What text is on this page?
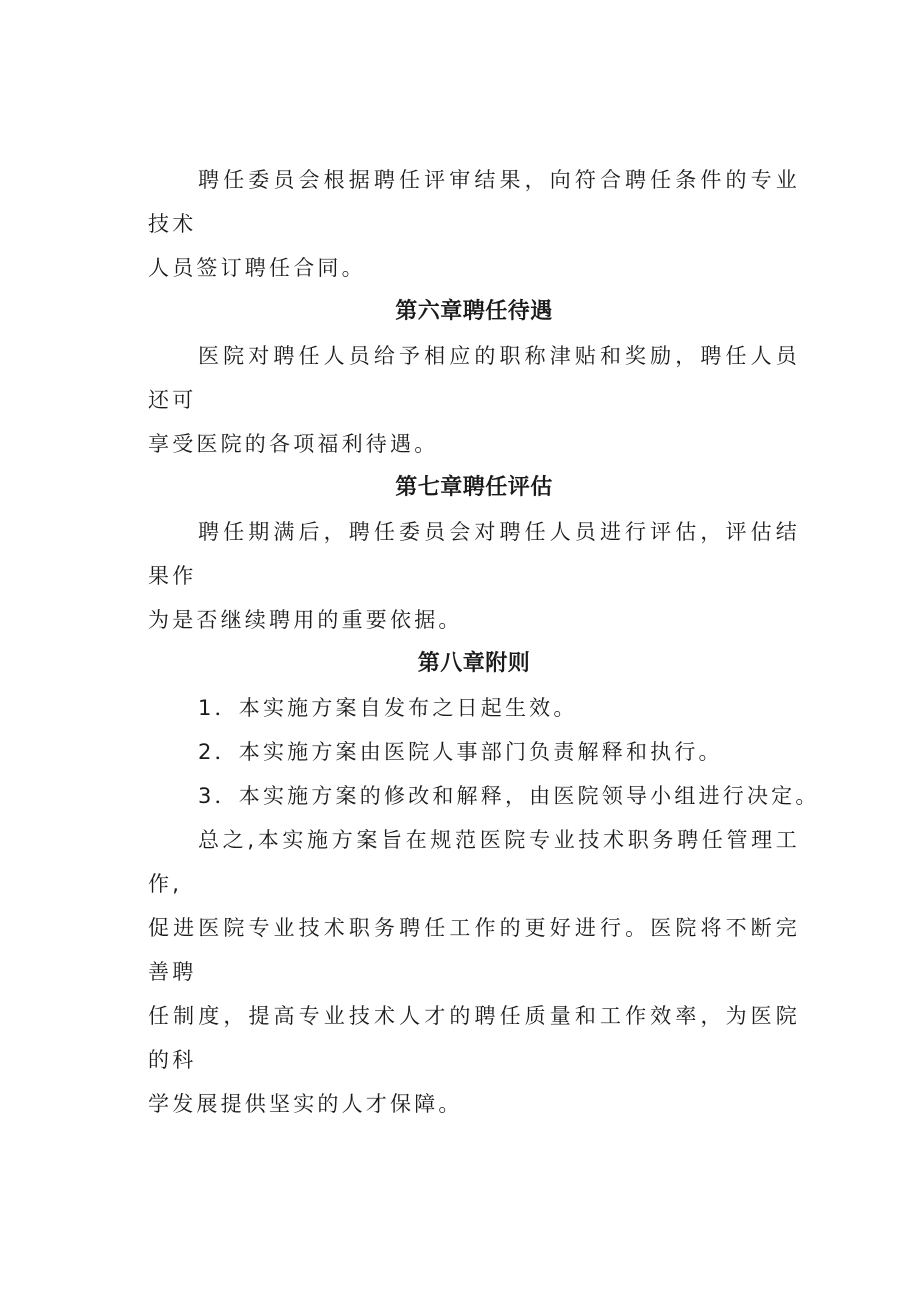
聘任委员会根据聘任评审结果，向符合聘任条件的专业技术
人员签订聘任合同。

第六章聘任待遇

医院对聘任人员给予相应的职称津贴和奖励，聘任人员还可
享受医院的各项福利待遇。

第七章聘任评估

聘任期满后，聘任委员会对聘任人员进行评估，评估结果作
为是否继续聘用的重要依据。

第八章附则

1．本实施方案自发布之日起生效。

2．本实施方案由医院人事部门负责解释和执行。

3．本实施方案的修改和解释，由医院领导小组进行决定。

总之,本实施方案旨在规范医院专业技术职务聘任管理工作,
促进医院专业技术职务聘任工作的更好进行。医院将不断完善聘
任制度，提高专业技术人才的聘任质量和工作效率，为医院的科
学发展提供坚实的人才保障。
